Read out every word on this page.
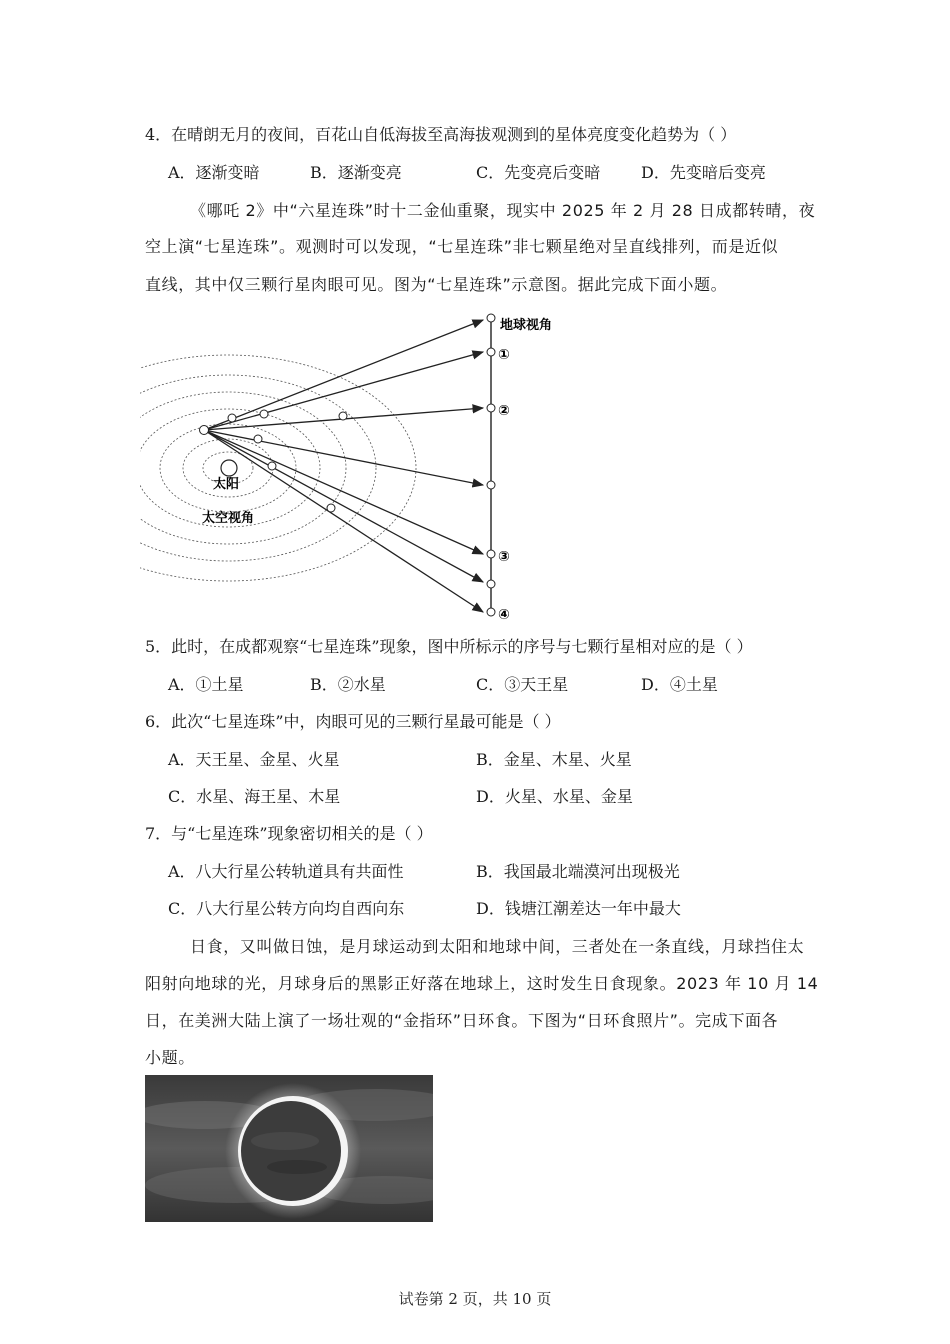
4．在晴朗无月的夜间，百花山自低海拔至高海拔观测到的星体亮度变化趋势为（ ）
A．逐渐变暗	B．逐渐变亮	C．先变亮后变暗	D．先变暗后变亮
《哪吒 2》中“六星连珠”时十二金仙重聚，现实中 2025 年 2 月 28 日成都转晴，夜
空上演“七星连珠”。观测时可以发现，“七星连珠”非七颗星绝对呈直线排列，而是近似
直线，其中仅三颗行星肉眼可见。图为“七星连珠”示意图。据此完成下面小题。
地球视角
①
②
③
④
太阳
太空视角
5．此时，在成都观察“七星连珠”现象，图中所标示的序号与七颗行星相对应的是（ ）
A．①土星	B．②水星	C．③天王星	D．④土星
6．此次“七星连珠”中，肉眼可见的三颗行星最可能是（ ）
A．天王星、金星、火星	B．金星、木星、火星
C．水星、海王星、木星	D．火星、水星、金星
7．与“七星连珠”现象密切相关的是（ ）
A．八大行星公转轨道具有共面性	B．我国最北端漠河出现极光
C．八大行星公转方向均自西向东	D．钱塘江潮差达一年中最大
日食，又叫做日蚀，是月球运动到太阳和地球中间，三者处在一条直线，月球挡住太
阳射向地球的光，月球身后的黑影正好落在地球上，这时发生日食现象。2023 年 10 月 14
日，在美洲大陆上演了一场壮观的“金指环”日环食。下图为“日环食照片”。完成下面各
小题。
试卷第 2 页，共 10 页
